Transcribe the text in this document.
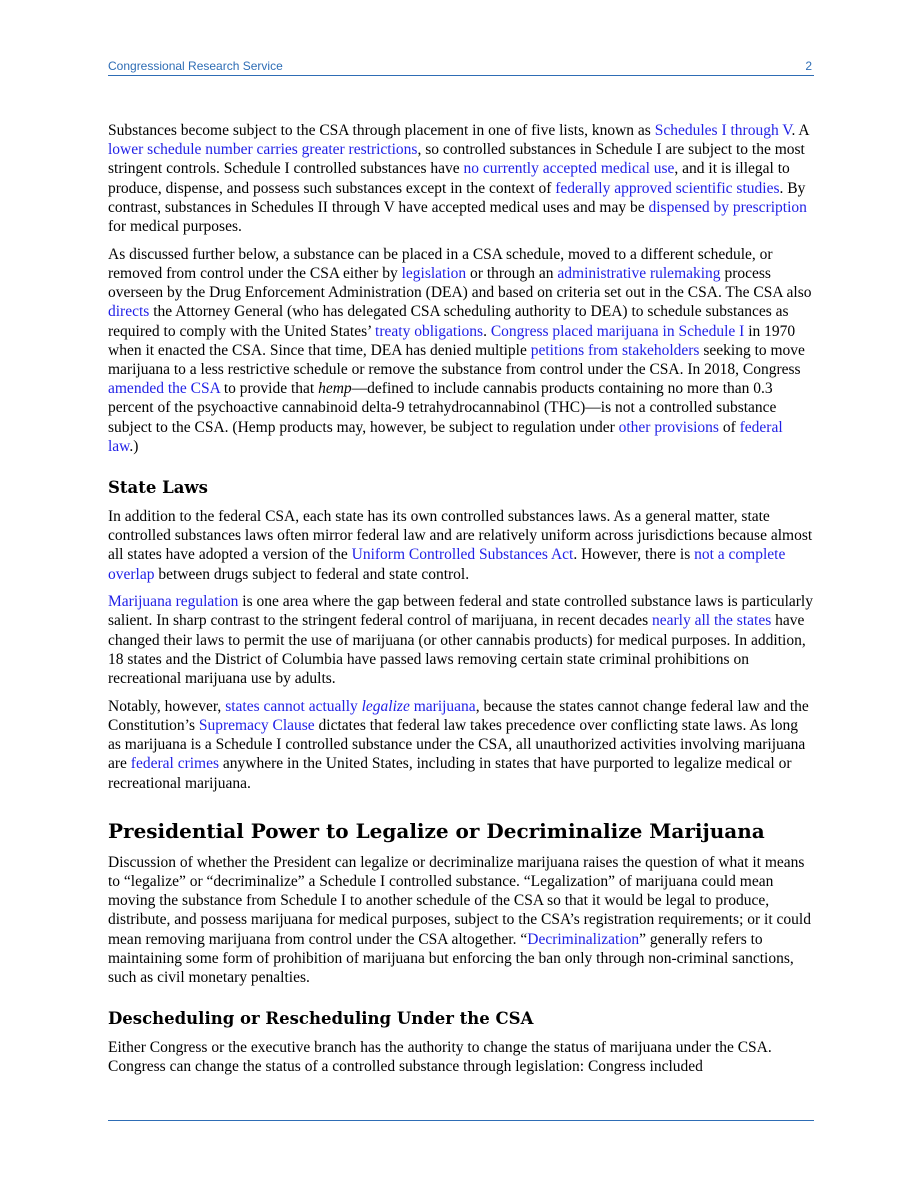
Congressional Research Service	2

Substances become subject to the CSA through placement in one of five lists, known as Schedules I through V. A lower schedule number carries greater restrictions, so controlled substances in Schedule I are subject to the most stringent controls. Schedule I controlled substances have no currently accepted medical use, and it is illegal to produce, dispense, and possess such substances except in the context of federally approved scientific studies. By contrast, substances in Schedules II through V have accepted medical uses and may be dispensed by prescription for medical purposes.

As discussed further below, a substance can be placed in a CSA schedule, moved to a different schedule, or removed from control under the CSA either by legislation or through an administrative rulemaking process overseen by the Drug Enforcement Administration (DEA) and based on criteria set out in the CSA. The CSA also directs the Attorney General (who has delegated CSA scheduling authority to DEA) to schedule substances as required to comply with the United States’ treaty obligations. Congress placed marijuana in Schedule I in 1970 when it enacted the CSA. Since that time, DEA has denied multiple petitions from stakeholders seeking to move marijuana to a less restrictive schedule or remove the substance from control under the CSA. In 2018, Congress amended the CSA to provide that hemp—defined to include cannabis products containing no more than 0.3 percent of the psychoactive cannabinoid delta-9 tetrahydrocannabinol (THC)—is not a controlled substance subject to the CSA. (Hemp products may, however, be subject to regulation under other provisions of federal law.)

State Laws

In addition to the federal CSA, each state has its own controlled substances laws. As a general matter, state controlled substances laws often mirror federal law and are relatively uniform across jurisdictions because almost all states have adopted a version of the Uniform Controlled Substances Act. However, there is not a complete overlap between drugs subject to federal and state control.

Marijuana regulation is one area where the gap between federal and state controlled substance laws is particularly salient. In sharp contrast to the stringent federal control of marijuana, in recent decades nearly all the states have changed their laws to permit the use of marijuana (or other cannabis products) for medical purposes. In addition, 18 states and the District of Columbia have passed laws removing certain state criminal prohibitions on recreational marijuana use by adults.

Notably, however, states cannot actually legalize marijuana, because the states cannot change federal law and the Constitution’s Supremacy Clause dictates that federal law takes precedence over conflicting state laws. As long as marijuana is a Schedule I controlled substance under the CSA, all unauthorized activities involving marijuana are federal crimes anywhere in the United States, including in states that have purported to legalize medical or recreational marijuana.

Presidential Power to Legalize or Decriminalize Marijuana

Discussion of whether the President can legalize or decriminalize marijuana raises the question of what it means to “legalize” or “decriminalize” a Schedule I controlled substance. “Legalization” of marijuana could mean moving the substance from Schedule I to another schedule of the CSA so that it would be legal to produce, distribute, and possess marijuana for medical purposes, subject to the CSA’s registration requirements; or it could mean removing marijuana from control under the CSA altogether. “Decriminalization” generally refers to maintaining some form of prohibition of marijuana but enforcing the ban only through non-criminal sanctions, such as civil monetary penalties.

Descheduling or Rescheduling Under the CSA

Either Congress or the executive branch has the authority to change the status of marijuana under the CSA. Congress can change the status of a controlled substance through legislation: Congress included
